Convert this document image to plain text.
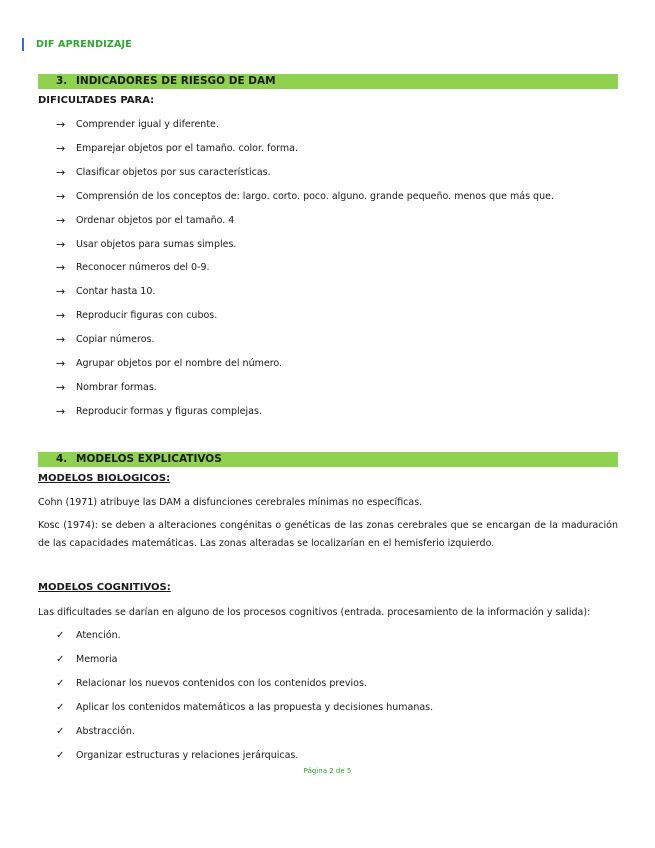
DIF APRENDIZAJE
3. INDICADORES DE RIESGO DE DAM
DIFICULTADES PARA:
→	Comprender igual y diferente.
→	Emparejar objetos por el tamaño. color. forma.
→	Clasificar objetos por sus características.
→	Comprensión de los conceptos de: largo. corto. poco. alguno. grande pequeño. menos que más que.
→	Ordenar objetos por el tamaño. 4
→	Usar objetos para sumas simples.
→	Reconocer números del 0-9.
→	Contar hasta 10.
→	Reproducir figuras con cubos.
→	Copiar números.
→	Agrupar objetos por el nombre del número.
→	Nombrar formas.
→	Reproducir formas y figuras complejas.
4. MODELOS EXPLICATIVOS
MODELOS BIOLOGICOS:
Cohn (1971) atribuye las DAM a disfunciones cerebrales mínimas no específicas.
Kosc (1974): se deben a alteraciones congénitas o genéticas de las zonas cerebrales que se encargan de la maduración de las capacidades matemáticas. Las zonas alteradas se localizarían en el hemisferio izquierdo.
MODELOS COGNITIVOS:
Las dificultades se darían en alguno de los procesos cognitivos (entrada. procesamiento de la información y salida):
✓	Atención.
✓	Memoria
✓	Relacionar los nuevos contenidos con los contenidos previos.
✓	Aplicar los contenidos matemáticos a las propuesta y decisiones humanas.
✓	Abstracción.
✓	Organizar estructuras y relaciones jerárquicas.
Página 2 de 5
